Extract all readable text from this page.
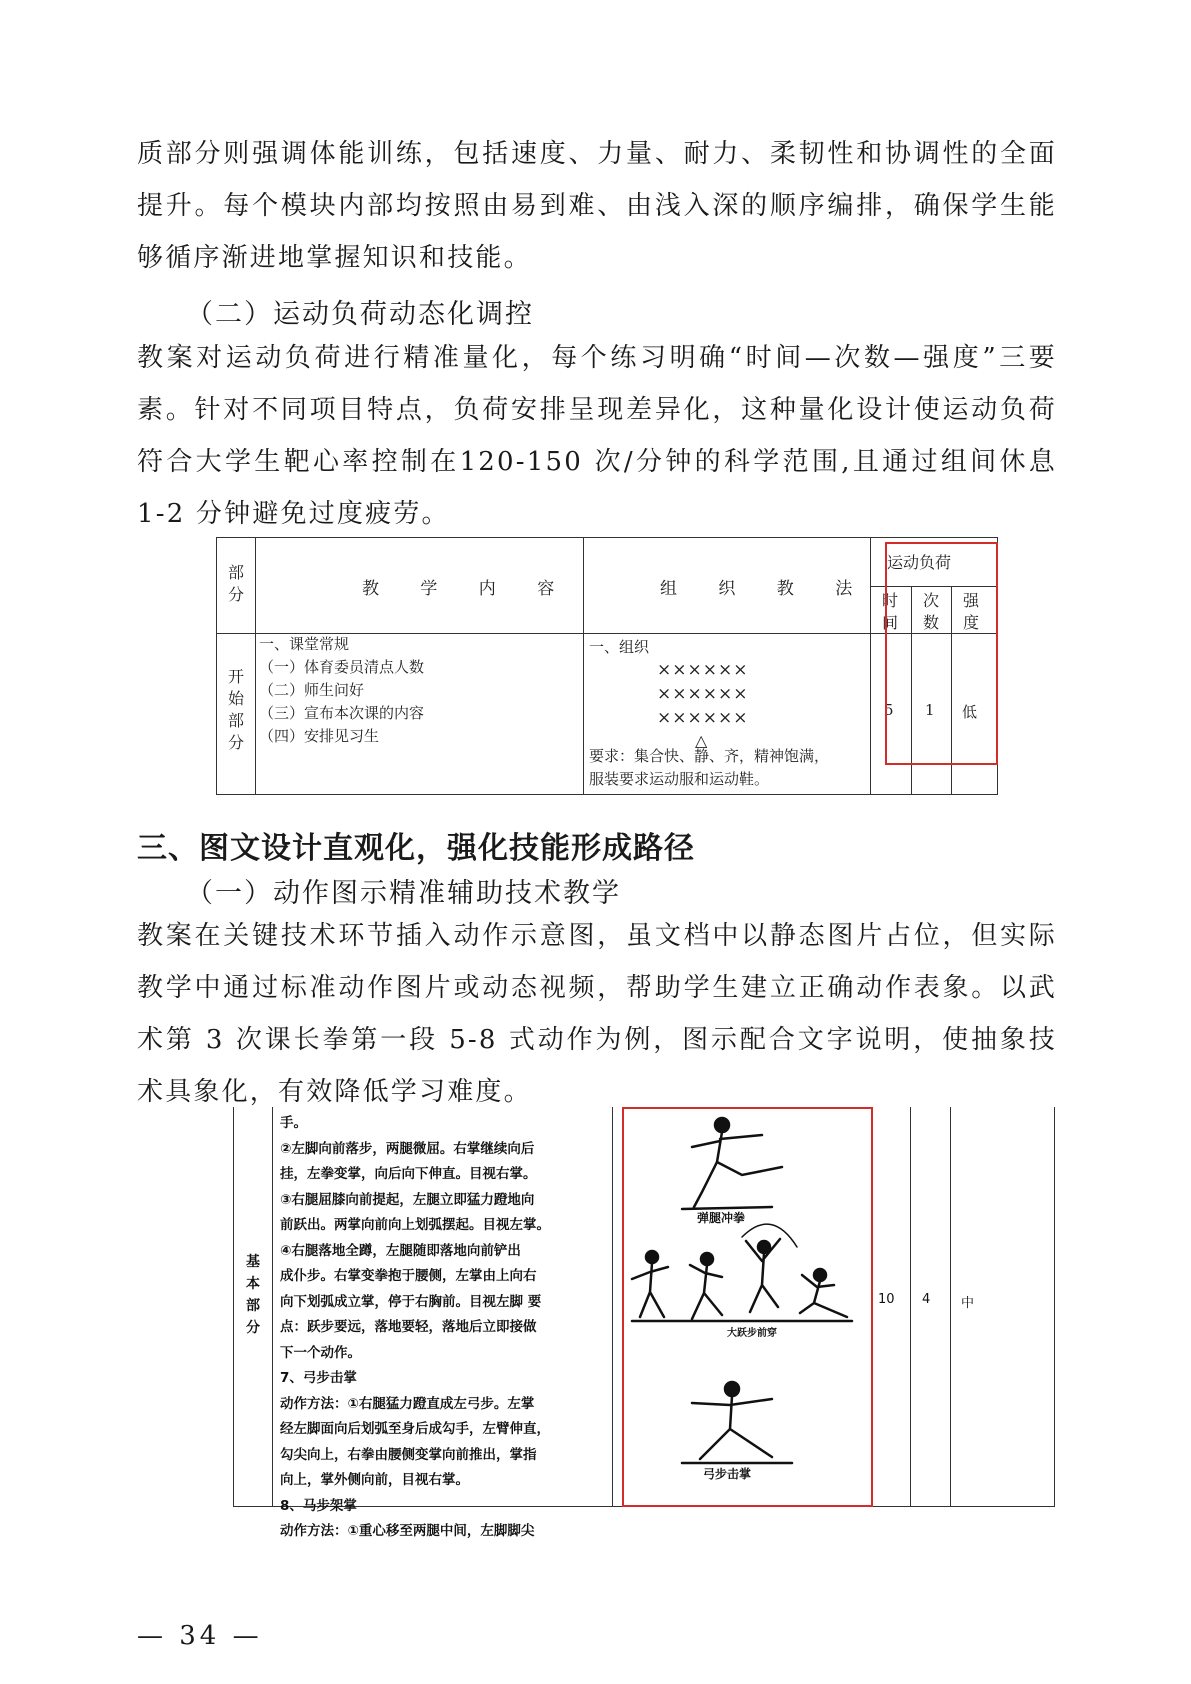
质部分则强调体能训练，包括速度、力量、耐力、柔韧性和协调性的全面提升。每个模块内部均按照由易到难、由浅入深的顺序编排，确保学生能够循序渐进地掌握知识和技能。

（二）运动负荷动态化调控

教案对运动负荷进行精准量化，每个练习明确“时间—次数—强度”三要素。针对不同项目特点，负荷安排呈现差异化，这种量化设计使运动负荷符合大学生靶心率控制在120-150 次/分钟的科学范围,且通过组间休息 1-2 分钟避免过度疲劳。

部分	教 学 内 容	组 织 教 法
运动负荷
时间
次数
强度
开始部分
一、课堂常规
（一）体育委员清点人数
（二）师生问好
（三）宣布本次课的内容
（四）安排见习生
一、组织
××××××
××××××
××××××
△
要求：集合快、静、齐，精神饱满，
服装要求运动服和运动鞋。
5 1 低

三、图文设计直观化，强化技能形成路径

（一）动作图示精准辅助技术教学

教案在关键技术环节插入动作示意图，虽文档中以静态图片占位，但实际教学中通过标准动作图片或动态视频，帮助学生建立正确动作表象。以武术第 3 次课长拳第一段 5-8 式动作为例，图示配合文字说明，使抽象技术具象化，有效降低学习难度。

基本部分
手。
②左脚向前落步，两腿微屈。右掌继续向后
挂，左拳变掌，向后向下伸直。目视右掌。
③右腿屈膝向前提起，左腿立即猛力蹬地向
前跃出。两掌向前向上划弧摆起。目视左掌。
④右腿落地全蹲，左腿随即落地向前铲出
成仆步。右掌变拳抱于腰侧，左掌由上向右
向下划弧成立掌，停于右胸前。目视左脚 要
点：跃步要远，落地要轻，落地后立即接做
下一个动作。
7、弓步击掌
动作方法：①右腿猛力蹬直成左弓步。左掌
经左脚面向后划弧至身后成勾手，左臂伸直，
勾尖向上，右拳由腰侧变掌向前推出，掌指
向上，掌外侧向前，目视右掌。
8、马步架掌
动作方法：①重心移至两腿中间，左脚脚尖
弹腿冲拳
大跃步前穿
弓步击掌
10 4 中
— 34 —
